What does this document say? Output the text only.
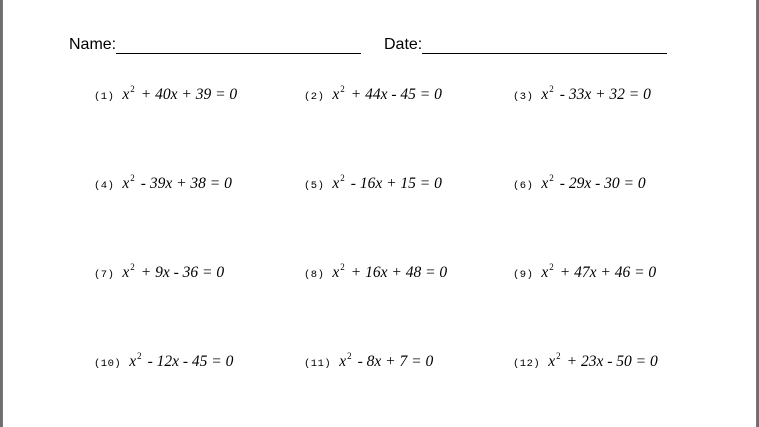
Name:	Date:
(1) $x^2 + 40x + 39 = 0$	(2) $x^2 + 44x - 45 = 0$	(3) $x^2 - 33x + 32 = 0$
(4) $x^2 - 39x + 38 = 0$	(5) $x^2 - 16x + 15 = 0$	(6) $x^2 - 29x - 30 = 0$
(7) $x^2 + 9x - 36 = 0$	(8) $x^2 + 16x + 48 = 0$	(9) $x^2 + 47x + 46 = 0$
(10) $x^2 - 12x - 45 = 0$	(11) $x^2 - 8x + 7 = 0$	(12) $x^2 + 23x - 50 = 0$
